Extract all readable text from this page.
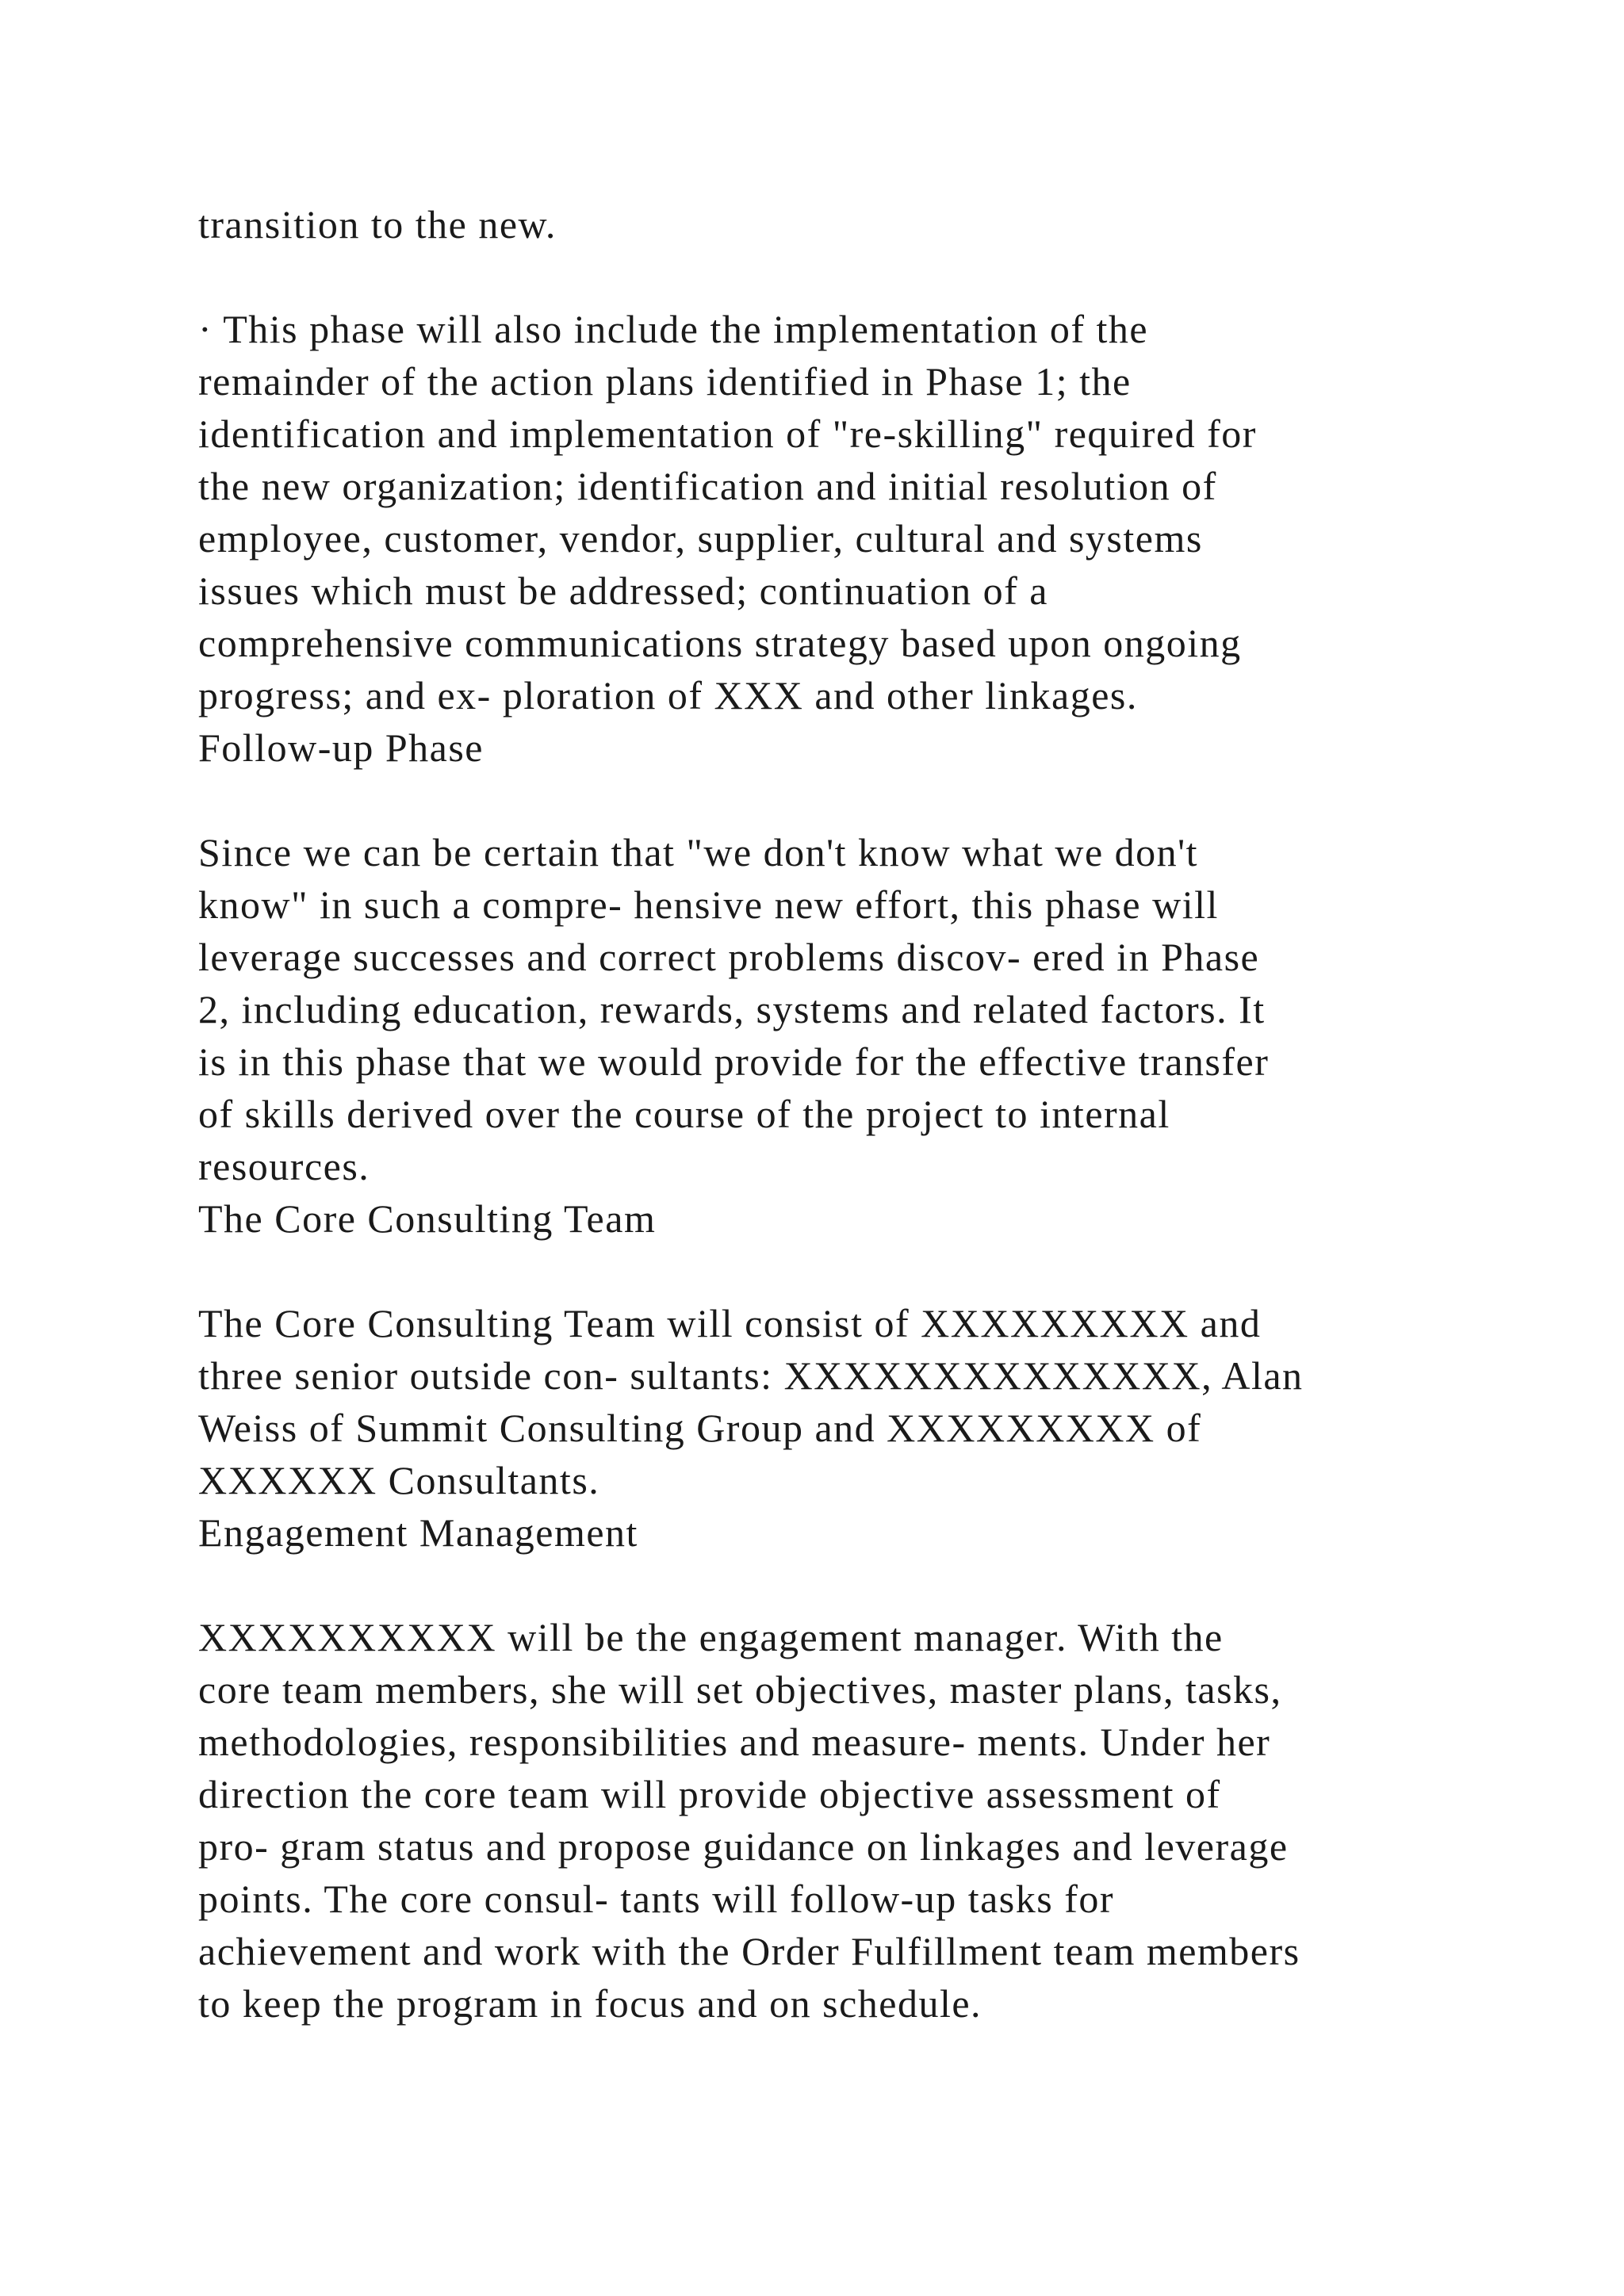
transition to the new.
· This phase will also include the implementation of the
remainder of the action plans identified in Phase 1; the
identification and implementation of "re-skilling" required for
the new organization; identification and initial resolution of
employee, customer, vendor, supplier, cultural and systems
issues which must be addressed; continuation of a
comprehensive communications strategy based upon ongoing
progress; and ex- ploration of XXX and other linkages.
Follow-up Phase
Since we can be certain that "we don't know what we don't
know" in such a compre- hensive new effort, this phase will
leverage successes and correct problems discov- ered in Phase
2, including education, rewards, systems and related factors. It
is in this phase that we would provide for the effective transfer
of skills derived over the course of the project to internal
resources.
The Core Consulting Team
The Core Consulting Team will consist of XXXXXXXXX and
three senior outside con- sultants: XXXXXXXXXXXXXX, Alan
Weiss of Summit Consulting Group and XXXXXXXXX of
XXXXXX Consultants.
Engagement Management
XXXXXXXXXX will be the engagement manager. With the
core team members, she will set objectives, master plans, tasks,
methodologies, responsibilities and measure- ments. Under her
direction the core team will provide objective assessment of
pro- gram status and propose guidance on linkages and leverage
points. The core consul- tants will follow-up tasks for
achievement and work with the Order Fulfillment team members
to keep the program in focus and on schedule.
